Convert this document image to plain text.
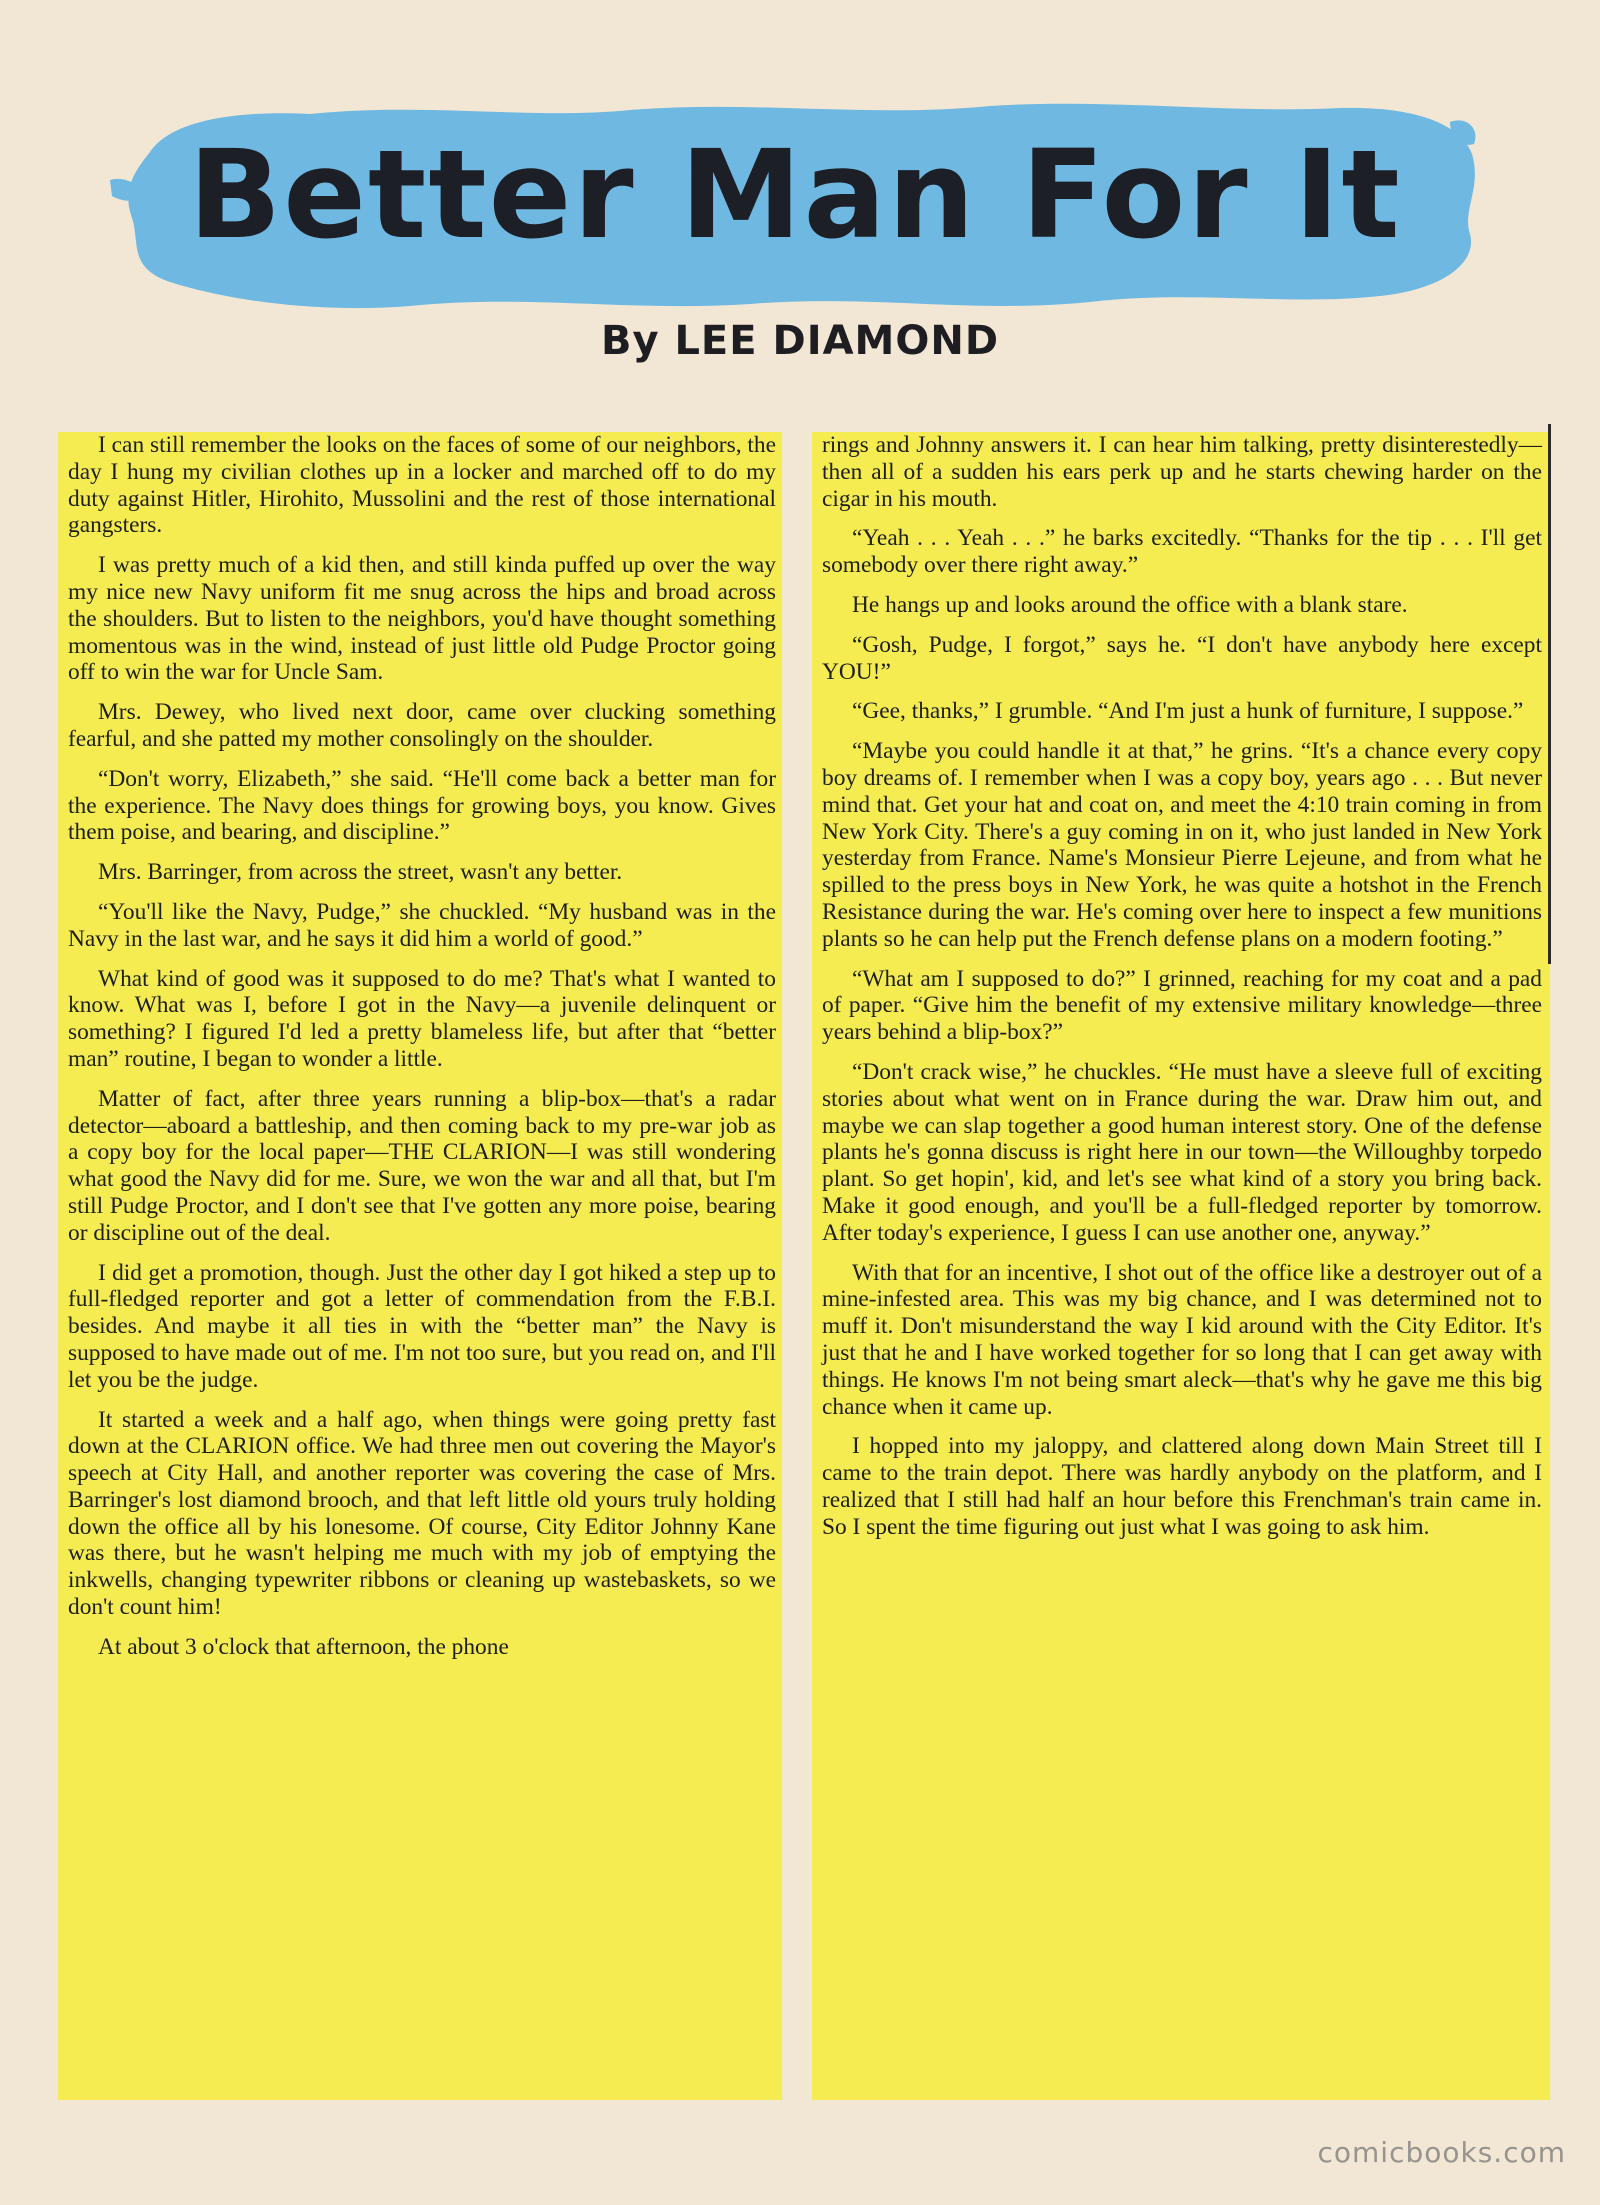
Better Man For It
By LEE DIAMOND

I can still remember the looks on the faces of some of our neighbors, the day I hung my civilian clothes up in a locker and marched off to do my duty against Hitler, Hirohito, Mussolini and the rest of those international gangsters.

I was pretty much of a kid then, and still kinda puffed up over the way my nice new Navy uniform fit me snug across the hips and broad across the shoulders. But to listen to the neighbors, you'd have thought something momentous was in the wind, instead of just little old Pudge Proctor going off to win the war for Uncle Sam.

Mrs. Dewey, who lived next door, came over clucking something fearful, and she patted my mother consolingly on the shoulder.

“Don't worry, Elizabeth,” she said. “He'll come back a better man for the experience. The Navy does things for growing boys, you know. Gives them poise, and bearing, and discipline.”

Mrs. Barringer, from across the street, wasn't any better.

“You'll like the Navy, Pudge,” she chuckled. “My husband was in the Navy in the last war, and he says it did him a world of good.”

What kind of good was it supposed to do me? That's what I wanted to know. What was I, before I got in the Navy—a juvenile delinquent or something? I figured I'd led a pretty blameless life, but after that “better man” routine, I began to wonder a little.

Matter of fact, after three years running a blip-box—that's a radar detector—aboard a battleship, and then coming back to my pre-war job as a copy boy for the local paper—THE CLARION—I was still wondering what good the Navy did for me. Sure, we won the war and all that, but I'm still Pudge Proctor, and I don't see that I've gotten any more poise, bearing or discipline out of the deal.

I did get a promotion, though. Just the other day I got hiked a step up to full-fledged reporter and got a letter of commendation from the F.B.I. besides. And maybe it all ties in with the “better man” the Navy is supposed to have made out of me. I'm not too sure, but you read on, and I'll let you be the judge.

It started a week and a half ago, when things were going pretty fast down at the CLARION office. We had three men out covering the Mayor's speech at City Hall, and another reporter was covering the case of Mrs. Barringer's lost diamond brooch, and that left little old yours truly holding down the office all by his lonesome. Of course, City Editor Johnny Kane was there, but he wasn't helping me much with my job of emptying the inkwells, changing typewriter ribbons or cleaning up wastebaskets, so we don't count him!

At about 3 o'clock that afternoon, the phone

rings and Johnny answers it. I can hear him talking, pretty disinterestedly—then all of a sudden his ears perk up and he starts chewing harder on the cigar in his mouth.

“Yeah . . . Yeah . . .” he barks excitedly. “Thanks for the tip . . . I'll get somebody over there right away.”

He hangs up and looks around the office with a blank stare.

“Gosh, Pudge, I forgot,” says he. “I don't have anybody here except YOU!”

“Gee, thanks,” I grumble. “And I'm just a hunk of furniture, I suppose.”

“Maybe you could handle it at that,” he grins. “It's a chance every copy boy dreams of. I remember when I was a copy boy, years ago . . . But never mind that. Get your hat and coat on, and meet the 4:10 train coming in from New York City. There's a guy coming in on it, who just landed in New York yesterday from France. Name's Monsieur Pierre Lejeune, and from what he spilled to the press boys in New York, he was quite a hotshot in the French Resistance during the war. He's coming over here to inspect a few munitions plants so he can help put the French defense plans on a modern footing.”

“What am I supposed to do?” I grinned, reaching for my coat and a pad of paper. “Give him the benefit of my extensive military knowledge—three years behind a blip-box?”

“Don't crack wise,” he chuckles. “He must have a sleeve full of exciting stories about what went on in France during the war. Draw him out, and maybe we can slap together a good human interest story. One of the defense plants he's gonna discuss is right here in our town—the Willoughby torpedo plant. So get hopin', kid, and let's see what kind of a story you bring back. Make it good enough, and you'll be a full-fledged reporter by tomorrow. After today's experience, I guess I can use another one, anyway.”

With that for an incentive, I shot out of the office like a destroyer out of a mine-infested area. This was my big chance, and I was determined not to muff it. Don't misunderstand the way I kid around with the City Editor. It's just that he and I have worked together for so long that I can get away with things. He knows I'm not being smart aleck—that's why he gave me this big chance when it came up.

I hopped into my jaloppy, and clattered along down Main Street till I came to the train depot. There was hardly anybody on the platform, and I realized that I still had half an hour before this Frenchman's train came in. So I spent the time figuring out just what I was going to ask him.

comicbooks.com
